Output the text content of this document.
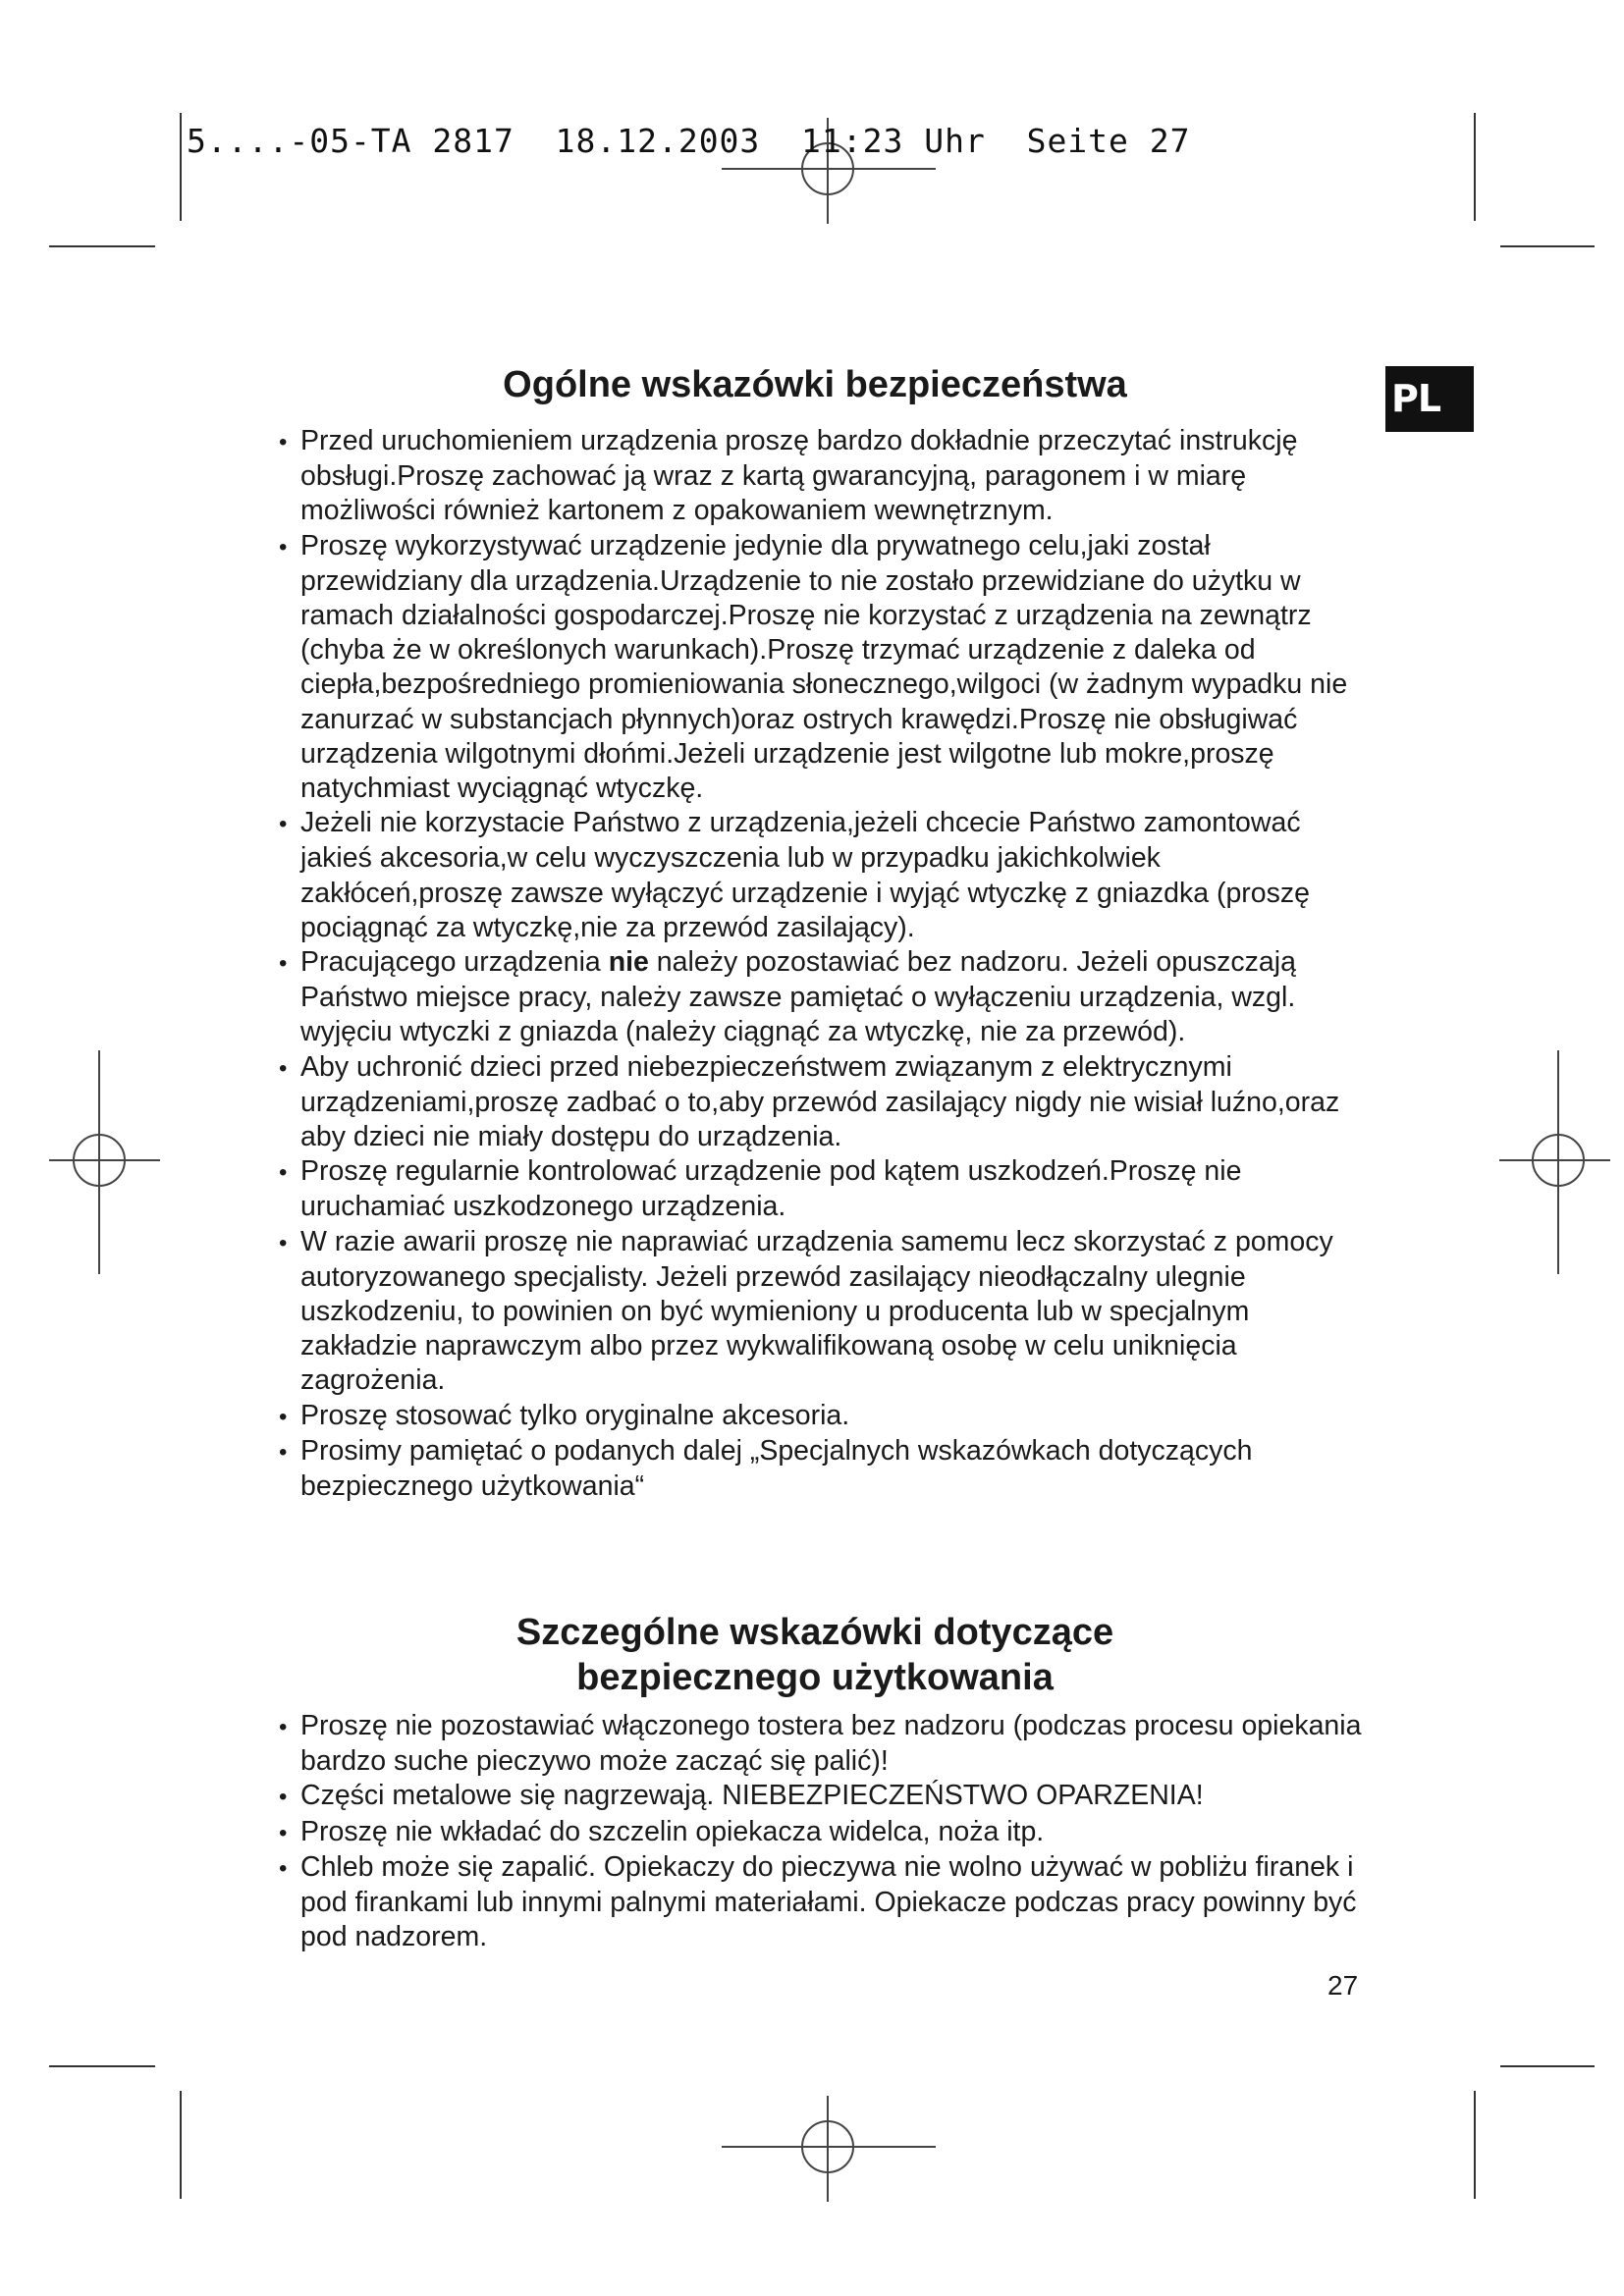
5....-05-TA 2817  18.12.2003  11:23 Uhr  Seite 27
PL
Ogólne wskazówki bezpieczeństwa
• Przed uruchomieniem urządzenia proszę bardzo dokładnie przeczytać instrukcję obsługi.Proszę zachować ją wraz z kartą gwarancyjną, paragonem i w miarę możliwości również kartonem z opakowaniem wewnętrznym.
• Proszę wykorzystywać urządzenie jedynie dla prywatnego celu,jaki został przewidziany dla urządzenia.Urządzenie to nie zostało przewidziane do użytku w ramach działalności gospodarczej.Proszę nie korzystać z urządzenia na zewnątrz (chyba że w określonych warunkach).Proszę trzymać urządzenie z daleka od ciepła,bezpośredniego promieniowania słonecznego,wilgoci (w żadnym wypadku nie zanurzać w substancjach płynnych)oraz ostrych krawędzi.Proszę nie obsługiwać urządzenia wilgotnymi dłońmi.Jeżeli urządzenie jest wilgotne lub mokre,proszę natychmiast wyciągnąć wtyczkę.
• Jeżeli nie korzystacie Państwo z urządzenia,jeżeli chcecie Państwo zamontować jakieś akcesoria,w celu wyczyszczenia lub w przypadku jakichkolwiek zakłóceń,proszę zawsze wyłączyć urządzenie i wyjąć wtyczkę z gniazdka (proszę pociągnąć za wtyczkę,nie za przewód zasilający).
• Pracującego urządzenia nie należy pozostawiać bez nadzoru. Jeżeli opuszczają Państwo miejsce pracy, należy zawsze pamiętać o wyłączeniu urządzenia, wzgl. wyjęciu wtyczki z gniazda (należy ciągnąć za wtyczkę, nie za przewód).
• Aby uchronić dzieci przed niebezpieczeństwem związanym z elektrycznymi urządzeniami,proszę zadbać o to,aby przewód zasilający nigdy nie wisiał luźno,oraz aby dzieci nie miały dostępu do urządzenia.
• Proszę regularnie kontrolować urządzenie pod kątem uszkodzeń.Proszę nie uruchamiać uszkodzonego urządzenia.
• W razie awarii proszę nie naprawiać urządzenia samemu lecz skorzystać z pomocy autoryzowanego specjalisty. Jeżeli przewód zasilający nieodłączalny ulegnie uszkodzeniu, to powinien on być wymieniony u producenta lub w specjalnym zakładzie naprawczym albo przez wykwalifikowaną osobę w celu uniknięcia zagrożenia.
• Proszę stosować tylko oryginalne akcesoria.
• Prosimy pamiętać o podanych dalej „Specjalnych wskazówkach dotyczących bezpiecznego użytkowania“
Szczególne wskazówki dotyczące
bezpiecznego użytkowania
• Proszę nie pozostawiać włączonego tostera bez nadzoru (podczas procesu opiekania bardzo suche pieczywo może zacząć się palić)!
• Części metalowe się nagrzewają. NIEBEZPIECZEŃSTWO OPARZENIA!
• Proszę nie wkładać do szczelin opiekacza widelca, noża itp.
• Chleb może się zapalić. Opiekaczy do pieczywa nie wolno używać w pobliżu firanek i pod firankami lub innymi palnymi materiałami. Opiekacze podczas pracy powinny być pod nadzorem.
27
